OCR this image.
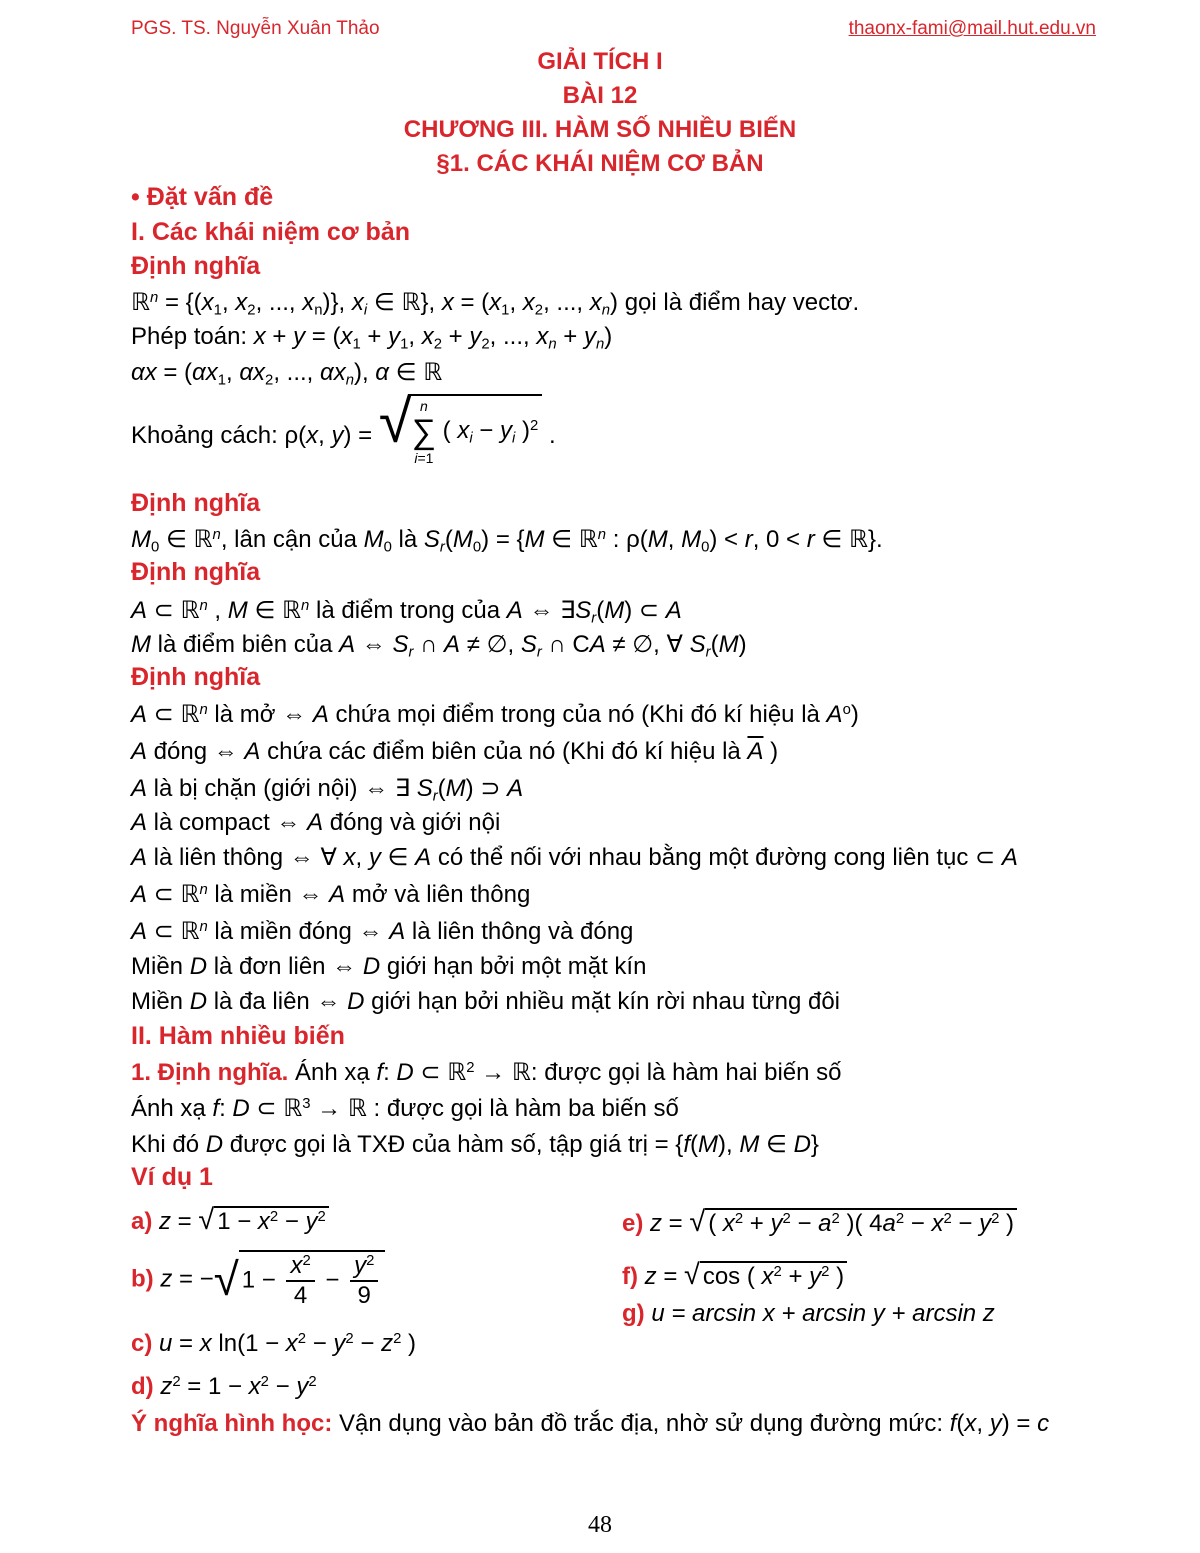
PGS. TS. Nguyễn Xuân Thảo	thaonx-fami@mail.hut.edu.vn
GIẢI TÍCH I
BÀI 12
CHƯƠNG III. HÀM SỐ NHIỀU BIẾN
§1. CÁC KHÁI NIỆM CƠ BẢN
• Đặt vấn đề
I. Các khái niệm cơ bản
Định nghĩa
ℝ$^n$ = {($x_1$, $x_2$, ..., $x_n$)}, $x_i$ ∈ ℝ}, $x = (x_1$, $x_2$, ..., $x_n$) gọi là điểm hay vectơ.
Phép toán: $x + y = (x_1 + y_1$, $x_2 + y_2$, ..., $x_n + y_n$)
$\alpha x = (\alpha x_1$, $\alpha x_2$, ..., $\alpha x_n$), α ∈ ℝ
Khoảng cách: ρ(x, y) = √ n
∑
i=1 ( $x_i - y_i$ )$^2$ .
Định nghĩa
$M_0$ ∈ ℝ$^n$, lân cận của $M_0$ là $S_r(M_0) = \{M$ ∈ ℝ$^n$ : ρ(M, $M_0) < r$, 0 < r ∈ ℝ}.
Định nghĩa
A ⊂ ℝ$^n$ , M ∈ ℝ$^n$ là điểm trong của A ⇔ $\exists S_r(M)$ ⊂ A
M là điểm biên của A ⇔ $S_r$ ∩ A ≠ ∅, $S_r$ ∩ CA ≠ ∅, ∀ $S_r(M)$
Định nghĩa
A ⊂ ℝ$^n$ là mở ⇔ A chứa mọi điểm trong của nó (Khi đó kí hiệu là $A^o$)
A đóng ⇔ A chứa các điểm biên của nó (Khi đó kí hiệu là $\overline{A}$ )
A là bị chặn (giới nội) ⇔ ∃ $S_r(M)$ ⊃ A
A là compact ⇔ A đóng và giới nội
A là liên thông ⇔ ∀ x, y ∈ A có thể nối với nhau bằng một đường cong liên tục ⊂ A
A ⊂ ℝ$^n$ là miền ⇔ A mở và liên thông
A ⊂ ℝ$^n$ là miền đóng ⇔ A là liên thông và đóng
Miền D là đơn liên ⇔ D giới hạn bởi một mặt kín
Miền D là đa liên ⇔ D giới hạn bởi nhiều mặt kín rời nhau từng đôi
II. Hàm nhiều biến
1. Định nghĩa. Ánh xạ f: D ⊂ ℝ$^2$ → ℝ: được gọi là hàm hai biến số
Ánh xạ f: D ⊂ ℝ$^3$ → ℝ : được gọi là hàm ba biến số
Khi đó D được gọi là TXĐ của hàm số, tập giá trị = {f(M), M ∈ D}
Ví dụ 1
a) z = √ $1 - x^2 - y^2$
b) z = −√ $1 - \frac{x^2}{4} - \frac{y^2}{9}$
c) u = x $\ln(1 - x^2 - y^2 - z^2$ )
d) $z^2 = 1 - x^2 - y^2$
e) z = √ ( $x^2 + y^2 - a^2$ )( $4a^2 - x^2 - y^2$ )
f) z = √ cos ( $x^2 + y^2$ )
g) u = arcsin x + arcsin y + arcsin z
Ý nghĩa hình học: Vận dụng vào bản đồ trắc địa, nhờ sử dụng đường mức: f(x, y) = c
48
